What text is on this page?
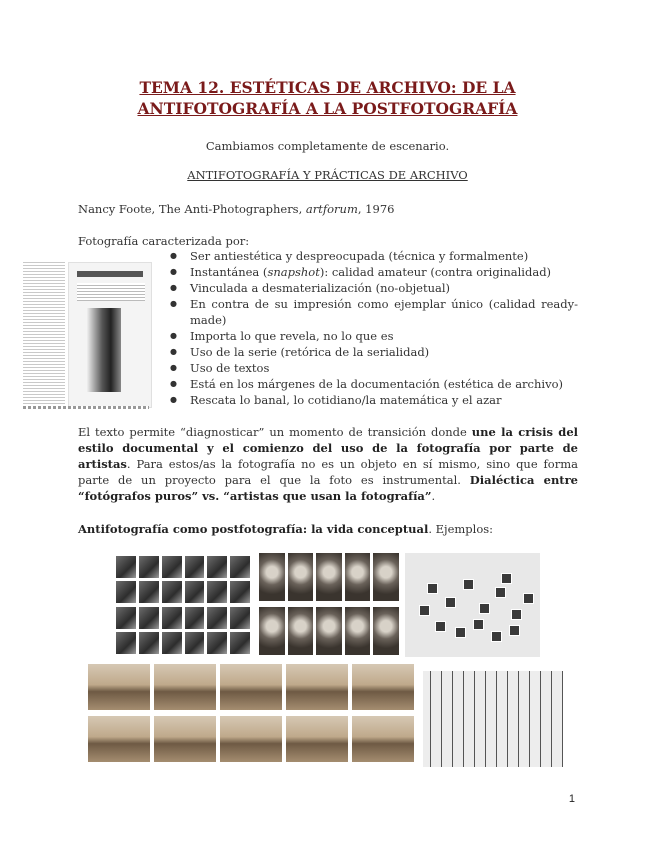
TEMA 12. ESTÉTICAS DE ARCHIVO: DE LA ANTIFOTOGRAFÍA A LA POSTFOTOGRAFÍA
Cambiamos completamente de escenario.
ANTIFOTOGRAFÍA Y PRÁCTICAS DE ARCHIVO
Nancy Foote, The Anti-Photographers, artforum, 1976
Fotografía caracterizada por:
● Ser antiestética y despreocupada (técnica y formalmente)
● Instantánea (snapshot): calidad amateur (contra originalidad)
● Vinculada a desmaterialización (no-objetual)
● En contra de su impresión como ejemplar único (calidad ready-made)
● Importa lo que revela, no lo que es
● Uso de la serie (retórica de la serialidad)
● Uso de textos
● Está en los márgenes de la documentación (estética de archivo)
● Rescata lo banal, lo cotidiano/la matemática y el azar
El texto permite “diagnosticar” un momento de transición donde une la crisis del estilo documental y el comienzo del uso de la fotografía por parte de artistas. Para estos/as la fotografía no es un objeto en sí mismo, sino que forma parte de un proyecto para el que la foto es instrumental. Dialéctica entre “fotógrafos puros” vs. “artistas que usan la fotografía”.
Antifotografía como postfotografía: la vida conceptual. Ejemplos:
1
